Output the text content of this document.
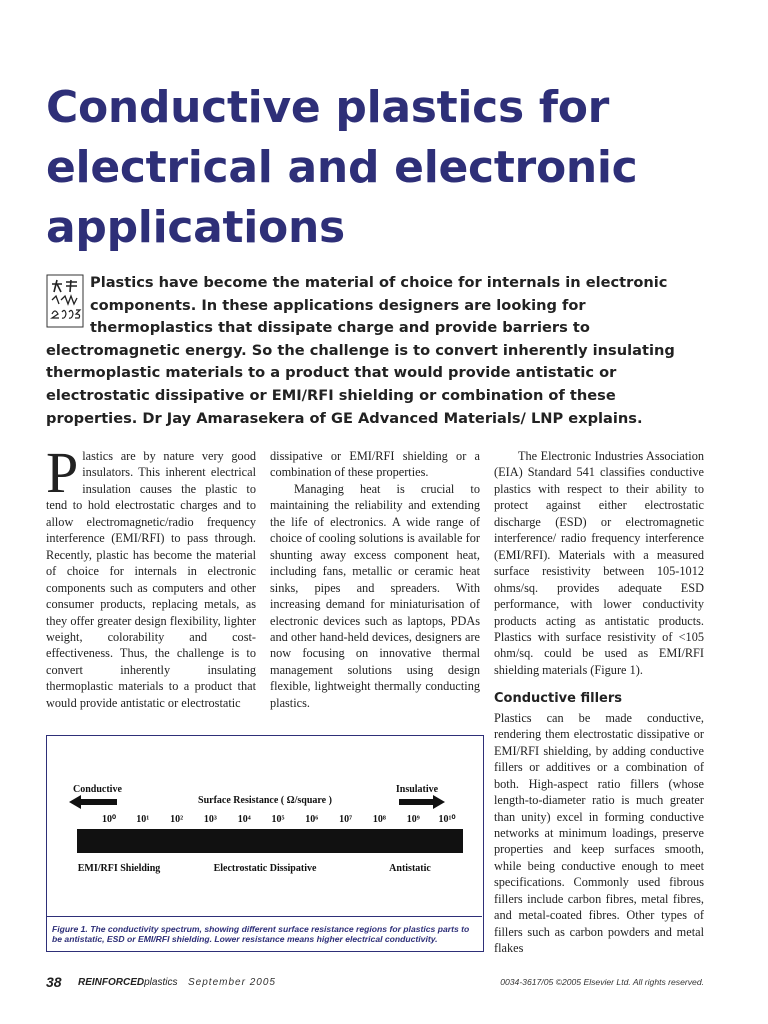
Conductive plastics for electrical and electronic applications

Plastics have become the material of choice for internals in electronic components. In these applications designers are looking for thermoplastics that dissipate charge and provide barriers to electromagnetic energy. So the challenge is to convert inherently insulating thermoplastic materials to a product that would provide antistatic or electrostatic dissipative or EMI/RFI shielding or combination of these properties. Dr Jay Amarasekera of GE Advanced Materials/ LNP explains.

Plastics are by nature very good insulators. This inherent electrical insulation causes the plastic to tend to hold electrostatic charges and to allow electromagnetic/radio frequency interference (EMI/RFI) to pass through. Recently, plastic has become the material of choice for internals in electronic components such as computers and other consumer products, replacing metals, as they offer greater design flexibility, lighter weight, colorability and cost-effectiveness. Thus, the challenge is to convert inherently insulating thermoplastic materials to a product that would provide antistatic or electrostatic

dissipative or EMI/RFI shielding or a combination of these properties.

Managing heat is crucial to maintaining the reliability and extending the life of electronics. A wide range of choice of cooling solutions is available for shunting away excess component heat, including fans, metallic or ceramic heat sinks, pipes and spreaders. With increasing demand for miniaturisation of electronic devices such as laptops, PDAs and other hand-held devices, designers are now focusing on innovative thermal management solutions using design flexible, lightweight thermally conducting plastics.

The Electronic Industries Association (EIA) Standard 541 classifies conductive plastics with respect to their ability to protect against either electrostatic discharge (ESD) or electromagnetic interference/ radio frequency interference (EMI/RFI). Materials with a measured surface resistivity between 105-1012 ohms/sq. provides adequate ESD performance, with lower conductivity products acting as antistatic products. Plastics with surface resistivity of <105 ohm/sq. could be used as EMI/RFI shielding materials (Figure 1).

Conductive fillers

Plastics can be made conductive, rendering them electrostatic dissipative or EMI/RFI shielding, by adding conductive fillers or additives or a combination of both. High-aspect ratio fillers (whose length-to-diameter ratio is much greater than unity) excel in forming conductive networks at minimum loadings, preserve properties and keep surfaces smooth, while being conductive enough to meet specifications. Commonly used fibrous fillers include carbon fibres, metal fibres, and metal-coated fibres. Other types of fillers such as carbon powders and metal flakes

Conductive
Surface Resistance ( Ω/square )
Insulative
10⁰ 10¹ 10² 10³ 10⁴ 10⁵ 10⁶ 10⁷ 10⁸ 10⁹ 10¹⁰
EMI/RFI Shielding	Electrostatic Dissipative	Antistatic
Figure 1. The conductivity spectrum, showing different surface resistance regions for plastics parts to be antistatic, ESD or EMI/RFI shielding. Lower resistance means higher electrical conductivity.
38 REINFORCEDplastics September 2005	0034-3617/05 ©2005 Elsevier Ltd. All rights reserved.
